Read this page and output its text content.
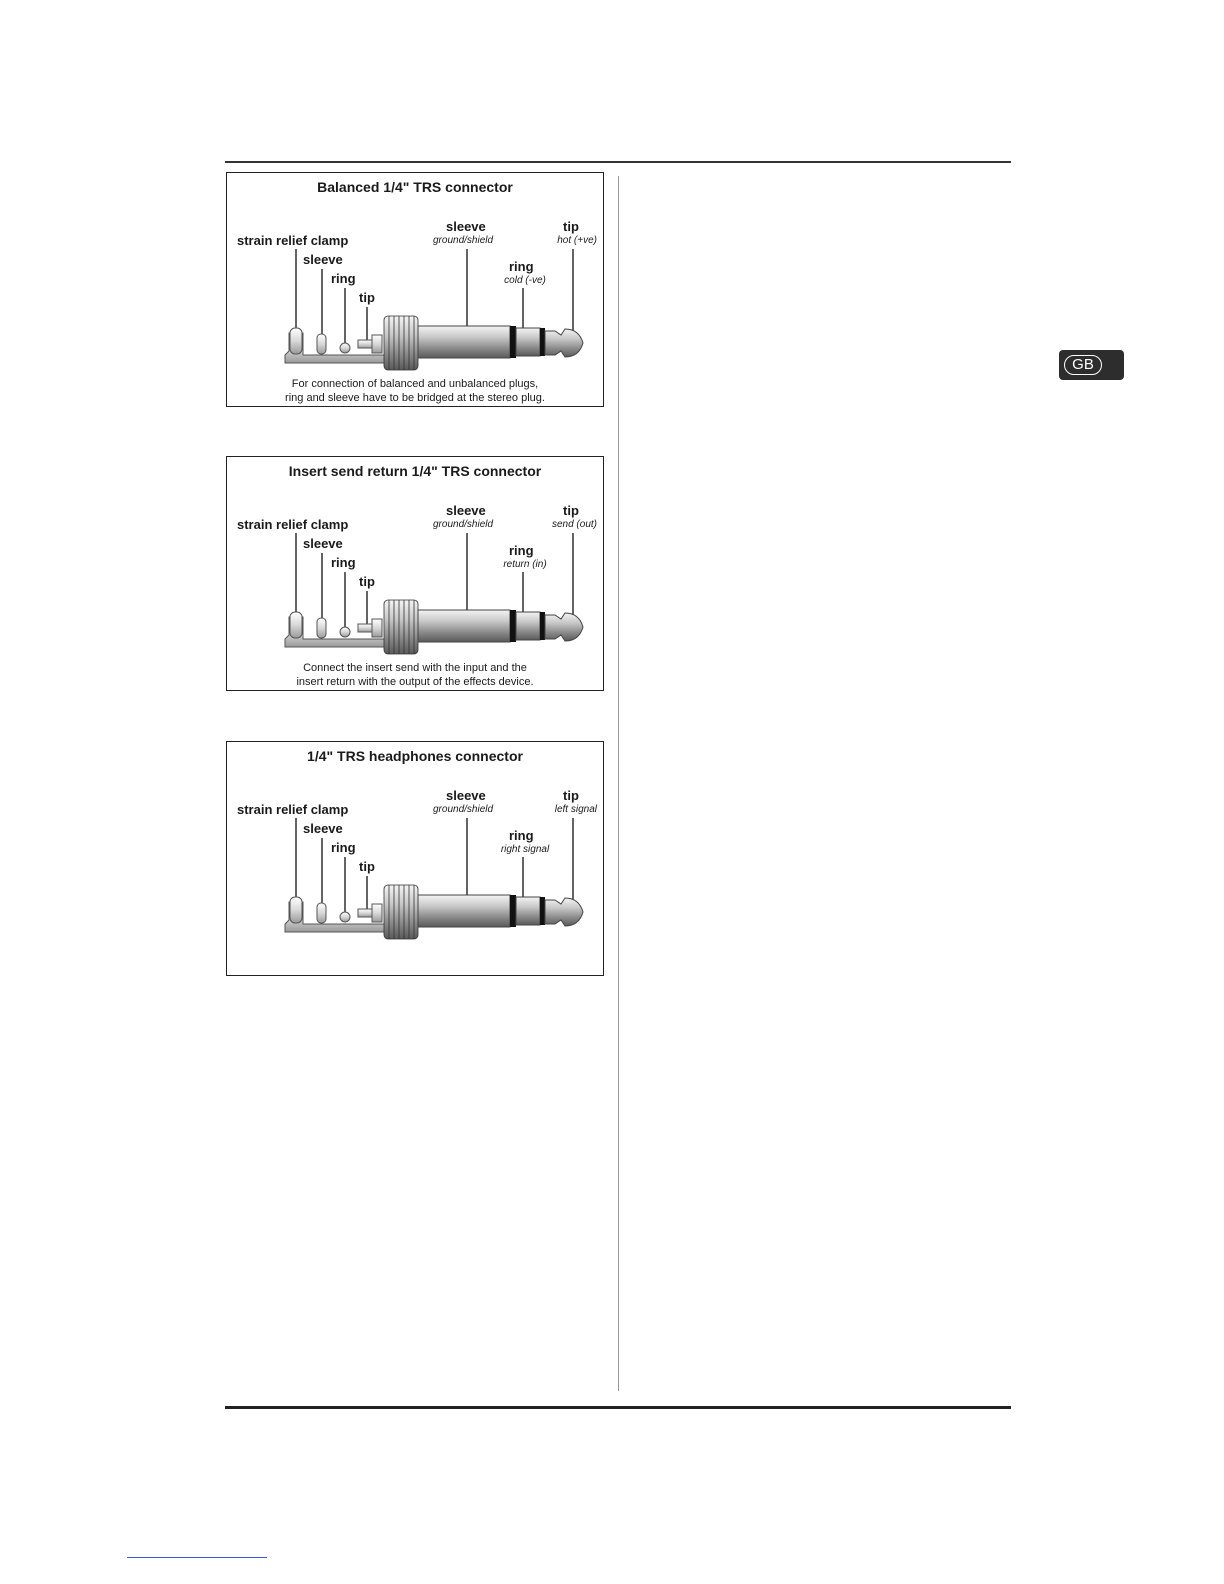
GB
Balanced 1/4" TRS connector
strain relief clamp
sleeve
ring
tip
sleeve
ground/shield
tip
hot (+ve)
ring
cold (-ve)
For connection of balanced and unbalanced plugs,
ring and sleeve have to be bridged at the stereo plug.
Insert send return 1/4" TRS connector
strain relief clamp
sleeve
ring
tip
sleeve
ground/shield
tip
send (out)
ring
return (in)
Connect the insert send with the input and the
insert return with the output of the effects device.
1/4" TRS headphones connector
strain relief clamp
sleeve
ring
tip
sleeve
ground/shield
tip
left signal
ring
right signal
